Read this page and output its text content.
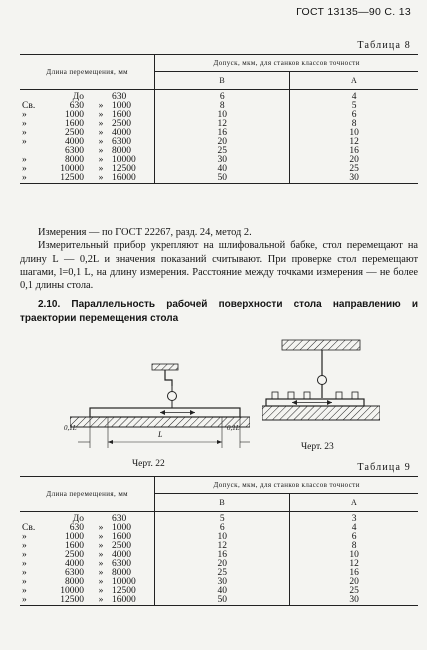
ГОСТ 13135—90 С. 13
Таблица 8
Длина перемещения, мм				Допуск, мкм, для станков классов точности	
				В	А
	До		630		6	4
Св.	630	»	1000		8	5
»	1000	»	1600		10	6
»	1600	»	2500		12	8
»	2500	»	4000		16	10
»	4000	»	6300		20	12
	6300	»	8000		25	16
»	8000	»	10000		30	20
»	10000	»	12500		40	25
»	12500	»	16000		50	30

Измерения — по ГОСТ 22267, разд. 24, метод 2.

Измерительный прибор укрепляют на шлифовальной бабке, стол перемещают на длину L — 0,2L и значения показаний считывают. При проверке стол перемещают шагами, l=0,1 L, на длину измерения. Расстояние между точками измерения — не более 0,1 длины стола.

2.10. Параллельность рабочей поверхности стола направлению и траектории перемещения стола

0,1L
L
0,1L
Черт. 22
Черт. 23
Таблица 9
Длина перемещения, мм				Допуск, мкм, для станков классов точности	
				В	А
	До		630		5	3
Св.	630	»	1000		6	4
»	1000	»	1600		10	6
»	1600	»	2500		12	8
»	2500	»	4000		16	10
»	4000	»	6300		20	12
»	6300	»	8000		25	16
»	8000	»	10000		30	20
»	10000	»	12500		40	25
»	12500	»	16000		50	30
